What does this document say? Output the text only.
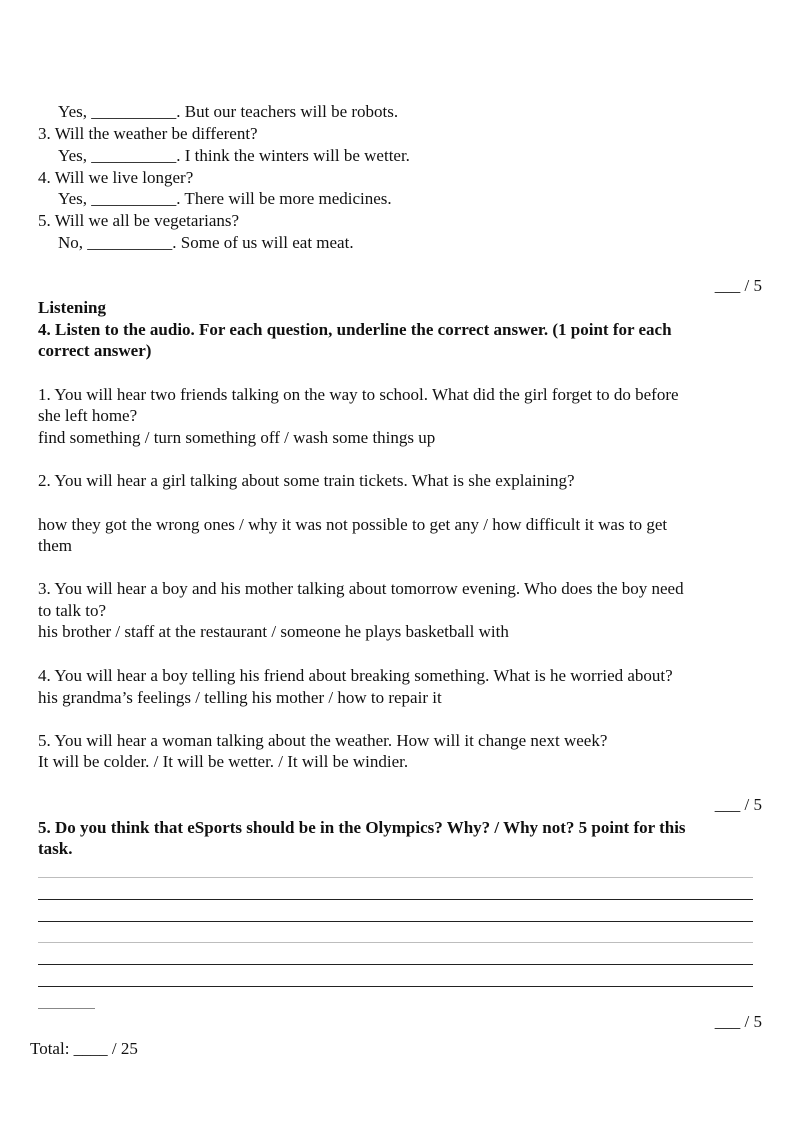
Yes, __________. But our teachers will be robots.
3. Will the weather be different?
Yes, __________. I think the winters will be wetter.
4. Will we live longer?
Yes, __________. There will be more medicines.
5. Will we all be vegetarians?
No, __________. Some of us will eat meat.
___ / 5
Listening
4. Listen to the audio. For each question, underline the correct answer. (1 point for each
correct answer)
1. You will hear two friends talking on the way to school. What did the girl forget to do before
she left home?
find something / turn something off / wash some things up
2. You will hear a girl talking about some train tickets. What is she explaining?
how they got the wrong ones / why it was not possible to get any / how difficult it was to get
them
3. You will hear a boy and his mother talking about tomorrow evening. Who does the boy need
to talk to?
his brother / staff at the restaurant / someone he plays basketball with
4. You will hear a boy telling his friend about breaking something. What is he worried about?
his grandma’s feelings / telling his mother / how to repair it
5. You will hear a woman talking about the weather. How will it change next week?
It will be colder. / It will be wetter. / It will be windier.
___ / 5
5. Do you think that eSports should be in the Olympics? Why? / Why not? 5 point for this
task.
___ / 5
Total: ____ / 25
